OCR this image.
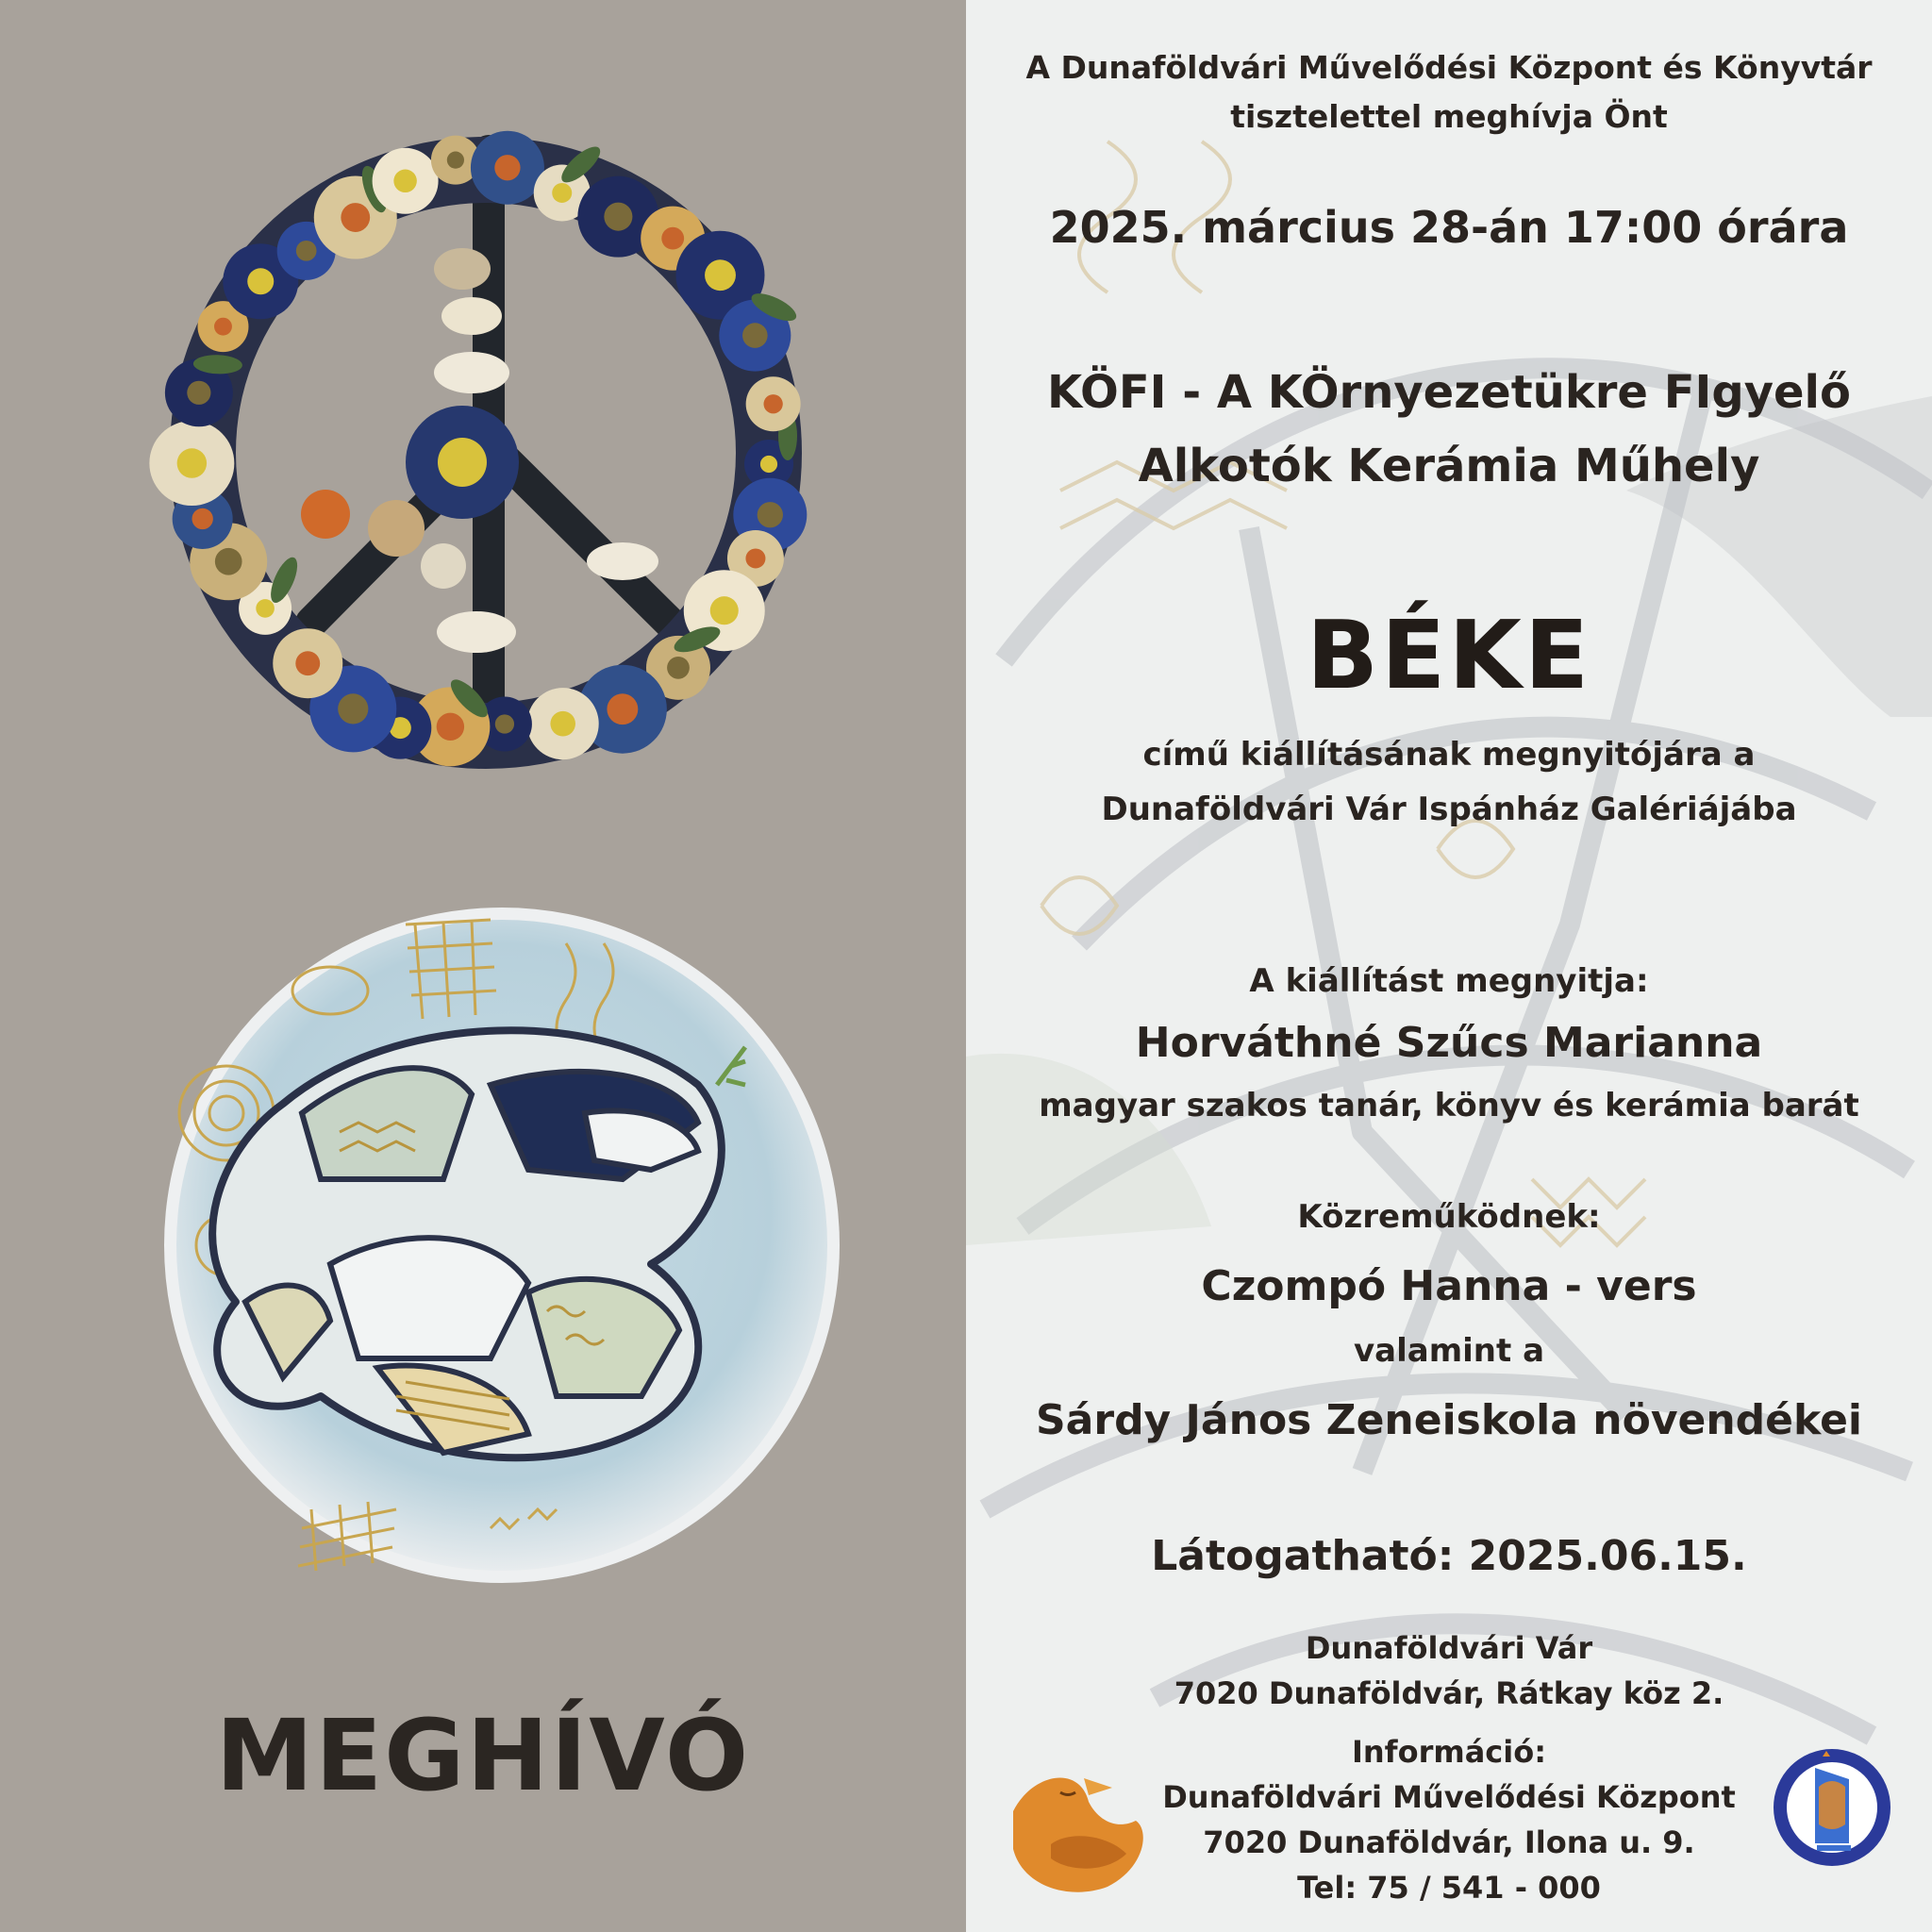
MEGHÍVÓ
A Dunaföldvári Művelődési Központ és Könyvtár
tisztelettel meghívja Önt
2025. március 28-án 17:00 órára
KÖFI - A KÖrnyezetükre FIgyelő
Alkotók Kerámia Műhely
BÉKE
című kiállításának megnyitójára a
Dunaföldvári Vár Ispánház Galériájába
A kiállítást megnyitja:
Horváthné Szűcs Marianna
magyar szakos tanár, könyv és kerámia barát
Közreműködnek:
Czompó Hanna - vers
valamint a
Sárdy János Zeneiskola növendékei
Látogatható: 2025.06.15.
Dunaföldvári Vár
7020 Dunaföldvár, Rátkay köz 2.
Információ:
Dunaföldvári Művelődési Központ
7020 Dunaföldvár, Ilona u. 9.
Tel: 75 / 541 - 000
